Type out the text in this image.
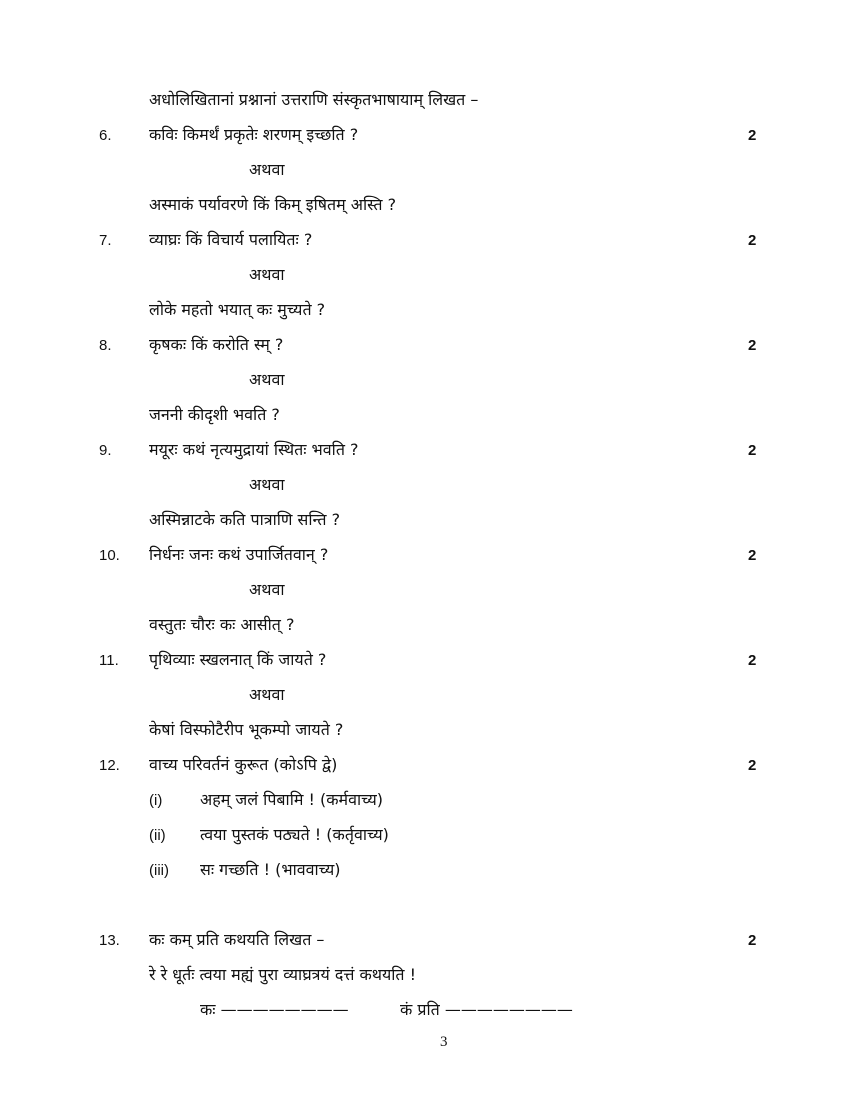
अधोलिखितानां प्रश्नानां उत्तराणि संस्कृतभाषायाम् लिखत –
6. कविः किमर्थं प्रकृतेः शरणम् इच्छति ?	2
अथवा
अस्माकं पर्यावरणे किं किम् इषितम् अस्ति ?
7. व्याघ्रः किं विचार्य पलायितः ?	2
अथवा
लोके महतो भयात् कः मुच्यते ?
8. कृषकः किं करोति स्म् ?	2
अथवा
जननी कीदृशी भवति ?
9. मयूरः कथं नृत्यमुद्रायां स्थितः भवति ?	2
अथवा
अस्मिन्नाटके कति पात्राणि सन्ति ?
10. निर्धनः जनः कथं उपार्जितवान् ?	2
अथवा
वस्तुतः चौरः कः आसीत् ?
11. पृथिव्याः स्खलनात् किं जायते ?	2
अथवा
केषां विस्फोटैरीप भूकम्पो जायते ?
12. वाच्य परिवर्तनं कुरूत (कोऽपि द्वे)	2
(i) अहम् जलं पिबामि ! (कर्मवाच्य)
(ii) त्वया पुस्तकं पठ्यते ! (कर्तृवाच्य)
(iii) सः गच्छति ! (भाववाच्य)
13. कः कम् प्रति कथयति लिखत –	2
रे रे धूर्तः त्वया मह्यं पुरा व्याघ्रत्रयं दत्तं कथयति !
कः ————————	कं प्रति ————————
3
